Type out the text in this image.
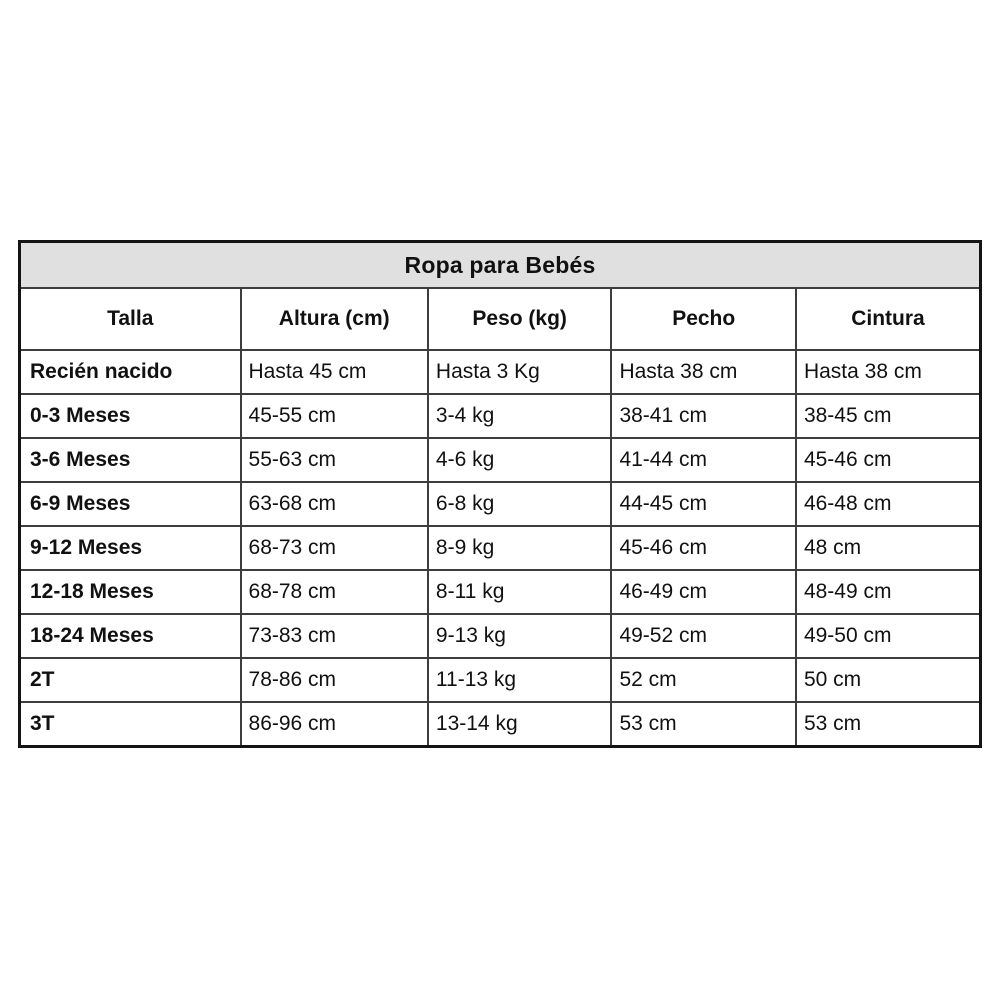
Ropa para Bebés				
Talla	Altura (cm)	Peso (kg)	Pecho	Cintura
Recién nacido	Hasta 45 cm	Hasta 3 Kg	Hasta 38 cm	Hasta 38 cm
0-3 Meses	45-55 cm	3-4 kg	38-41 cm	38-45 cm
3-6 Meses	55-63 cm	4-6 kg	41-44 cm	45-46 cm
6-9 Meses	63-68 cm	6-8 kg	44-45 cm	46-48 cm
9-12 Meses	68-73 cm	8-9 kg	45-46 cm	48 cm
12-18 Meses	68-78 cm	8-11 kg	46-49 cm	48-49 cm
18-24 Meses	73-83 cm	9-13 kg	49-52 cm	49-50 cm
2T	78-86 cm	11-13 kg	52 cm	50 cm
3T	86-96 cm	13-14 kg	53 cm	53 cm
